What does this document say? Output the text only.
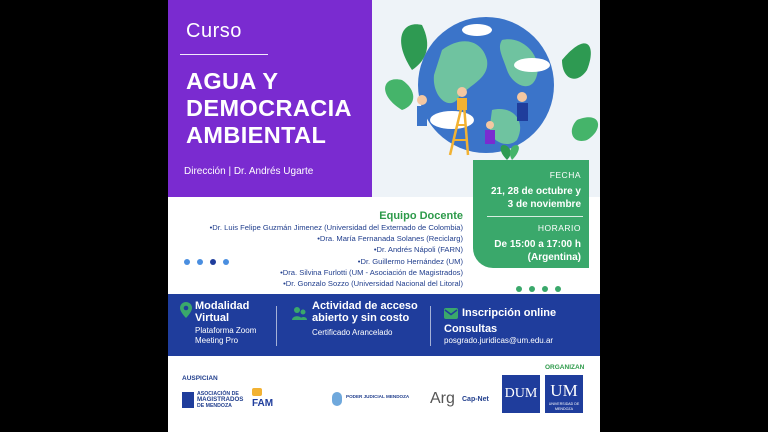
Curso
AGUA Y
DEMOCRACIA
AMBIENTAL
Dirección | Dr. Andrés Ugarte	FECHA
21, 28 de octubre y
3 de noviembre
HORARIO
De 15:00 a 17:00 h
(Argentina)
Equipo Docente
•Dr. Luis Felipe Guzmán Jimenez (Universidad del Externado de Colombia)
•Dra. María Fernanada Solanes (Reciclarg)
•Dr. Andrés Nápoli (FARN)
•Dr. Guillermo Hernández (UM)
•Dra. Silvina Furlotti (UM - Asociación de Magistrados)
•Dr. Gonzalo Sozzo (Universidad Nacional del Litoral)
Modalidad
Virtual
Plataforma Zoom
Meeting Pro
Actividad de acceso
abierto y sin costo
Certificado Arancelado
Inscripción online
Consultas
posgrado.juridicas@um.edu.ar
AUSPICIAN
ORGANIZAN
ASOCIACIÓN DE
MAGISTRADOS
DE MENDOZA	FAM
PODER JUDICIAL MENDOZA Arg Cap-Net DUM UM
UNIVERSIDAD DE MENDOZA
